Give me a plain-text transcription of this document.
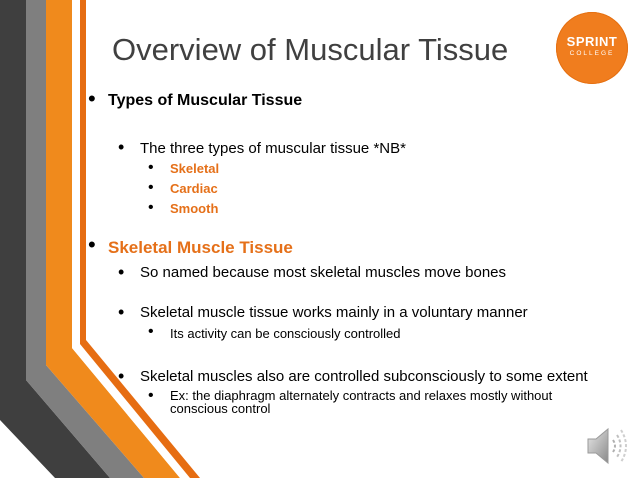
Overview of Muscular Tissue	SPRINT
COLLEGE
• Types of Muscular Tissue
• The three types of muscular tissue *NB*
• Skeletal
• Cardiac
• Smooth
• Skeletal Muscle Tissue
• So named because most skeletal muscles move bones
• Skeletal muscle tissue works mainly in a voluntary manner
• Its activity can be consciously controlled
• Skeletal muscles also are controlled subconsciously to some extent
• Ex: the diaphragm alternately contracts and relaxes mostly without conscious control
